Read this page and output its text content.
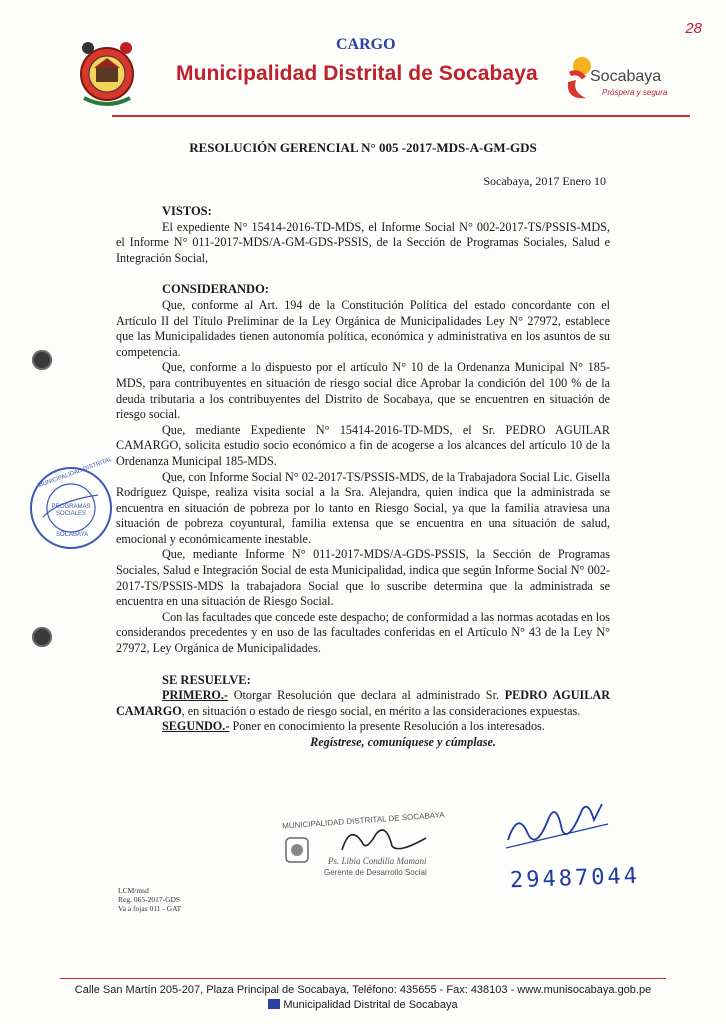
28
CARGO
Municipalidad Distrital de Socabaya	Socabaya
Próspera y segura
RESOLUCIÓN GERENCIAL N° 005 -2017-MDS-A-GM-GDS
Socabaya, 2017 Enero 10

VISTOS:

El expediente N° 15414-2016-TD-MDS, el Informe Social N° 002-2017-TS/PSSIS-MDS, el Informe N° 011-2017-MDS/A-GM-GDS-PSSIS, de la Sección de Programas Sociales, Salud e Integración Social,

CONSIDERANDO:

Que, conforme al Art. 194 de la Constitución Política del estado concordante con el Artículo II del Título Preliminar de la Ley Orgánica de Municipalidades Ley N° 27972, establece que las Municipalidades tienen autonomía política, económica y administrativa en los asuntos de su competencia.

Que, conforme a lo dispuesto por el artículo N° 10 de la Ordenanza Municipal N° 185-MDS, para contribuyentes en situación de riesgo social dice Aprobar la condición del 100 % de la deuda tributaria a los contribuyentes del Distrito de Socabaya, que se encuentren en situación de riesgo social.

Que, mediante Expediente N° 15414-2016-TD-MDS, el Sr. PEDRO AGUILAR CAMARGO, solicita estudio socio económico a fin de acogerse a los alcances del artículo 10 de la Ordenanza Municipal 185-MDS.

Que, con Informe Social N° 02-2017-TS/PSSIS-MDS, de la Trabajadora Social Lic. Gisella Rodríguez Quispe, realiza visita social a la Sra. Alejandra, quien indica que la administrada se encuentra en situación de pobreza por lo tanto en Riesgo Social, ya que la familia atraviesa una situación de pobreza coyuntural, familia extensa que se encuentra en una situación de salud, emocional y económicamente inestable.

Que, mediante Informe N° 011-2017-MDS/A-GDS-PSSIS, la Sección de Programas Sociales, Salud e Integración Social de esta Municipalidad, indica que según Informe Social N° 002-2017-TS/PSSIS-MDS la trabajadora Social que lo suscribe determina que la administrada se encuentra en una situación de Riesgo Social.

Con las facultades que concede este despacho; de conformidad a las normas acotadas en los considerandos precedentes y en uso de las facultades conferidas en el Artículo N° 43 de la Ley N° 27972, Ley Orgánica de Municipalidades.

SE RESUELVE:

PRIMERO.- Otorgar Resolución que declara al administrado Sr. PEDRO AGUILAR CAMARGO, en situación o estado de riesgo social, en mérito a las consideraciones expuestas.

SEGUNDO.- Poner en conocimiento la presente Resolución a los interesados.

Regístrese, comuníquese y cúmplase.

MUNICIPALIDAD DISTRITAL
PROGRAMAS SOCIALES
SOCABAYA
MUNICIPALIDAD DISTRITAL DE SOCABAYA
Ps. Libia Condilla Mamani
Gerente de Desarrollo Social	29487044
LCM/msd
Reg. 065-2017-GDS
Va a fojas 011 - GAT
Calle San Martín 205-207, Plaza Principal de Socabaya, Teléfono: 435655 - Fax: 438103 - www.munisocabaya.gob.pe
Municipalidad Distrital de Socabaya
